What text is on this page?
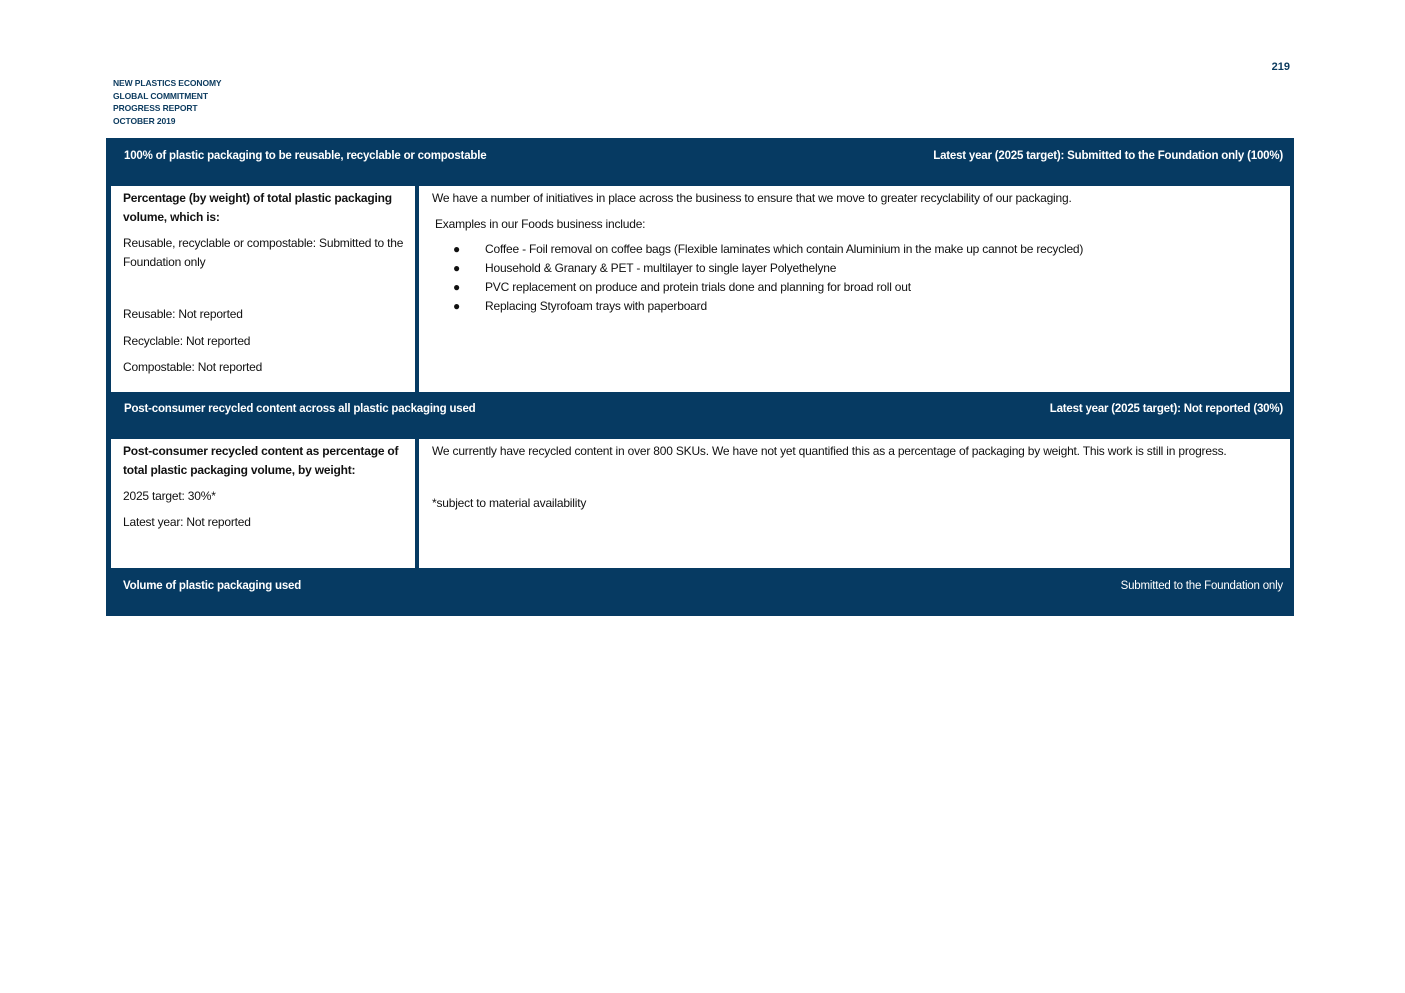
NEW PLASTICS ECONOMY
GLOBAL COMMITMENT
PROGRESS REPORT
OCTOBER 2019
219
100% of plastic packaging to be reusable, recyclable or compostable	Latest year (2025 target): Submitted to the Foundation only (100%)
Percentage (by weight) of total plastic packaging volume, which is:
Reusable, recyclable or compostable: Submitted to the Foundation only
Reusable: Not reported
Recyclable: Not reported
Compostable: Not reported
We have a number of initiatives in place across the business to ensure that we move to greater recyclability of our packaging.
Examples in our Foods business include:
● Coffee - Foil removal on coffee bags (Flexible laminates which contain Aluminium in the make up cannot be recycled)
● Household & Granary & PET - multilayer to single layer Polyethelyne
● PVC replacement on produce and protein trials done and planning for broad roll out
● Replacing Styrofoam trays with paperboard
Post-consumer recycled content across all plastic packaging used	Latest year (2025 target): Not reported (30%)
Post-consumer recycled content as percentage of total plastic packaging volume, by weight:
2025 target: 30%*
Latest year: Not reported
We currently have recycled content in over 800 SKUs. We have not yet quantified this as a percentage of packaging by weight. This work is still in progress.
*subject to material availability
Volume of plastic packaging used	Submitted to the Foundation only
